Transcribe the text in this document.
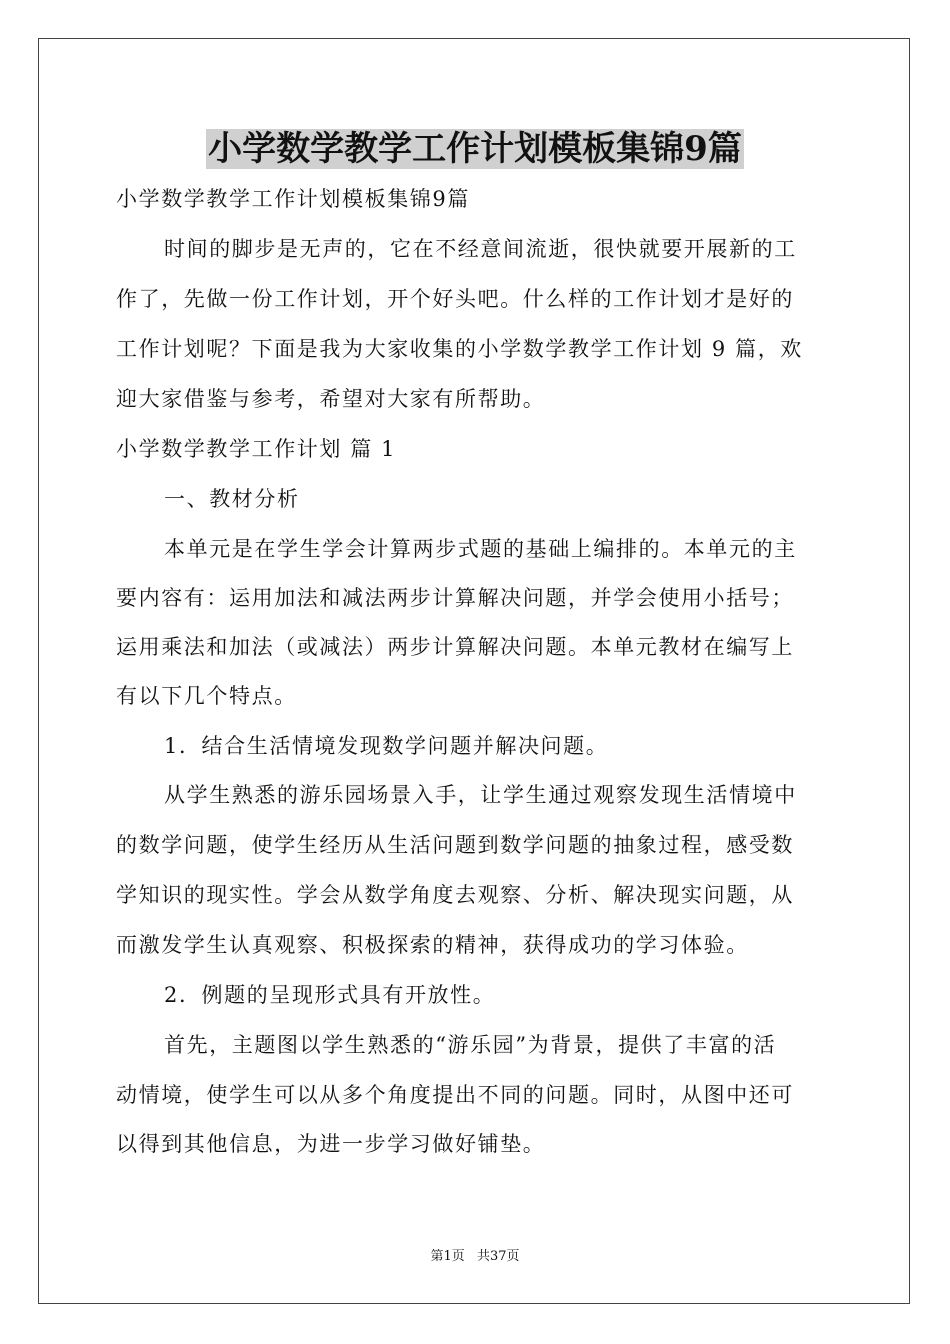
小学数学教学工作计划模板集锦9篇
小学数学教学工作计划模板集锦9篇
时间的脚步是无声的，它在不经意间流逝，很快就要开展新的工
作了，先做一份工作计划，开个好头吧。什么样的工作计划才是好的
工作计划呢？下面是我为大家收集的小学数学教学工作计划 9 篇，欢
迎大家借鉴与参考，希望对大家有所帮助。
小学数学教学工作计划 篇 1
一、教材分析
本单元是在学生学会计算两步式题的基础上编排的。本单元的主
要内容有：运用加法和减法两步计算解决问题，并学会使用小括号；
运用乘法和加法（或减法）两步计算解决问题。本单元教材在编写上
有以下几个特点。
1．结合生活情境发现数学问题并解决问题。
从学生熟悉的游乐园场景入手，让学生通过观察发现生活情境中
的数学问题，使学生经历从生活问题到数学问题的抽象过程，感受数
学知识的现实性。学会从数学角度去观察、分析、解决现实问题，从
而激发学生认真观察、积极探索的精神，获得成功的学习体验。
2．例题的呈现形式具有开放性。
首先，主题图以学生熟悉的“游乐园”为背景，提供了丰富的活
动情境，使学生可以从多个角度提出不同的问题。同时，从图中还可
以得到其他信息，为进一步学习做好铺垫。
第1页 共37页
